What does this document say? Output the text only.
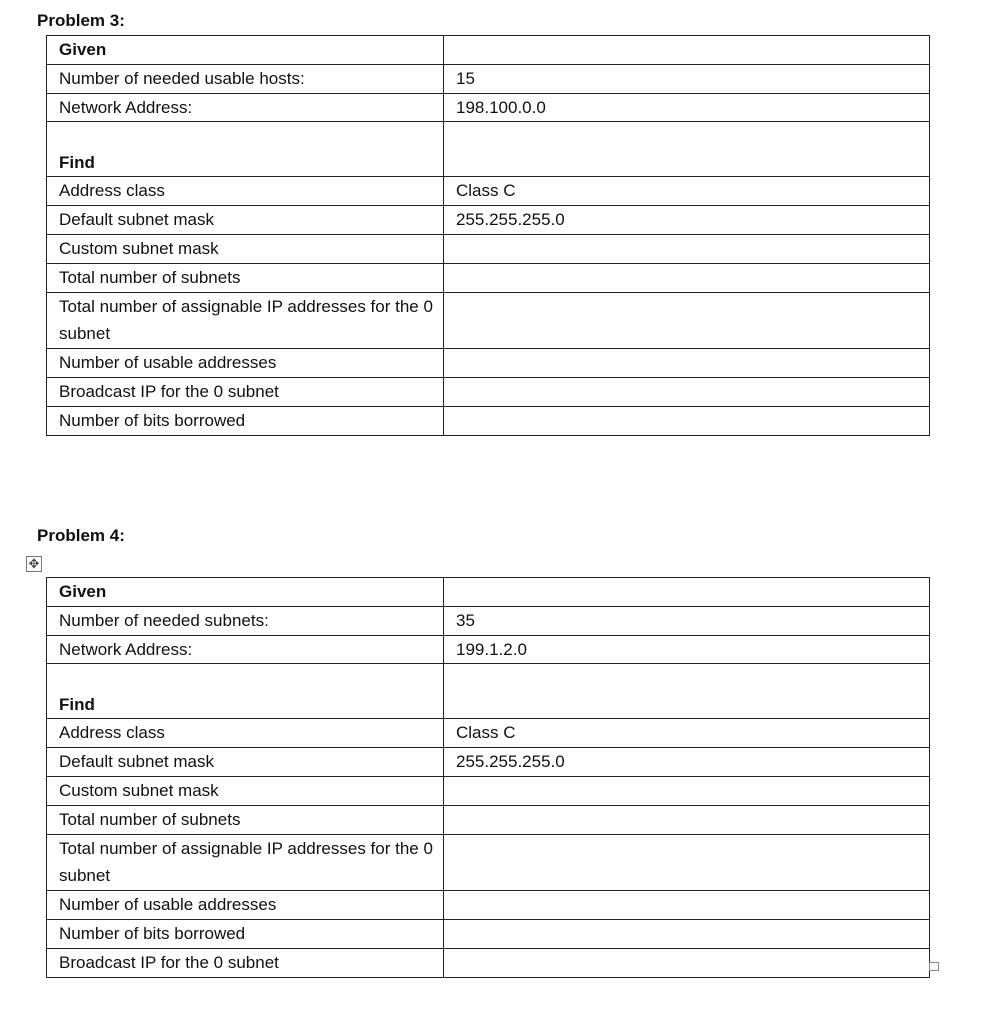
Problem 3:
Given	
Number of needed usable hosts:	15
Network Address:	198.100.0.0
Find	
Address class	Class C
Default subnet mask	255.255.255.0
Custom subnet mask	
Total number of subnets	
Total number of assignable IP addresses for the 0 subnet	
Number of usable addresses	
Broadcast IP for the 0 subnet	
Number of bits borrowed	
Problem 4:
✥
Given	
Number of needed subnets:	35
Network Address:	199.1.2.0
Find	
Address class	Class C
Default subnet mask	255.255.255.0
Custom subnet mask	
Total number of subnets	
Total number of assignable IP addresses for the 0 subnet	
Number of usable addresses	
Number of bits borrowed	
Broadcast IP for the 0 subnet	
